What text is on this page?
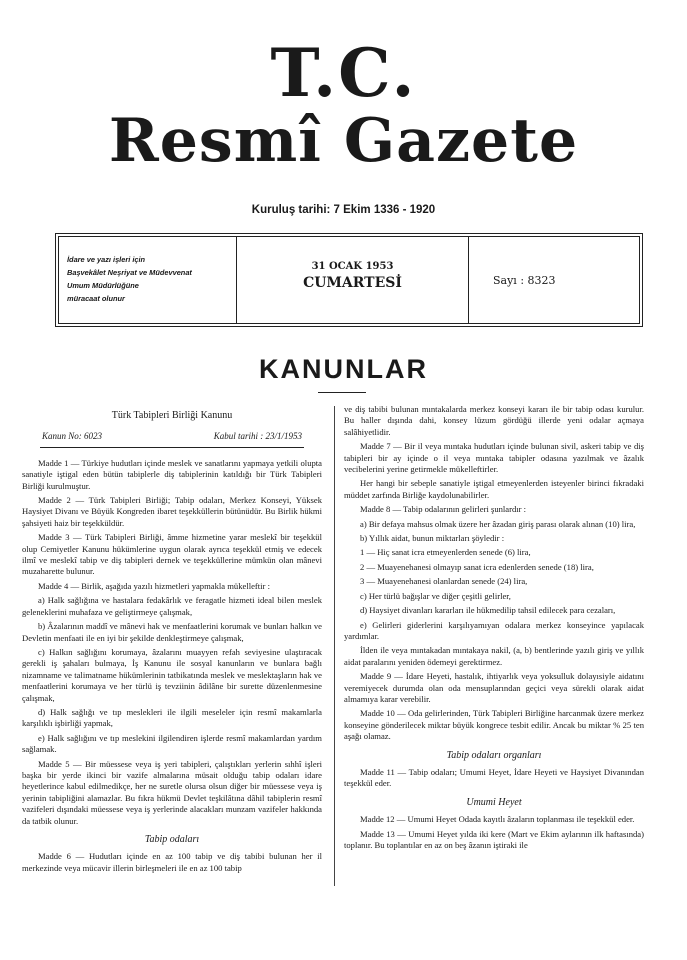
T.C.
Resmî Gazete
Kuruluş tarihi: 7 Ekim 1336 - 1920
İdare ve yazı işleri için
Başvekâlet Neşriyat ve Müdevvenat
Umum Müdürlüğüne
müracaat olunur
31 OCAK 1953
CUMARTESİ	Sayı : 8323
KANUNLAR

Türk Tabipleri Birliği Kanunu

Kanun No: 6023	Kabul tarihi : 23/1/1953

Madde 1 — Türkiye hudutları içinde meslek ve sanatlarını yapmaya yetkili olupta sanatiyle iştigal eden bütün tabiplerle diş tabiplerinin katıldığı bir Türk Tabipleri Birliği kurulmuştur.

Madde 2 — Türk Tabipleri Birliği; Tabip odaları, Merkez Konseyi, Yüksek Haysiyet Divanı ve Büyük Kongreden ibaret teşekküllerin bütünüdür. Bu Birlik hükmi şahsiyeti haiz bir teşekküldür.

Madde 3 — Türk Tabipleri Birliği, âmme hizmetine yarar meslekî bir teşekkül olup Cemiyetler Kanunu hükümlerine uygun olarak ayrıca teşekkül etmiş ve edecek ilmî ve meslekî tabip ve diş tabipleri dernek ve teşekküllerine mümkün olan mânevi muzaharette bulunur.

Madde 4 — Birlik, aşağıda yazılı hizmetleri yapmakla mükelleftir :

a) Halk sağlığına ve hastalara fedakârlık ve feragatle hizmeti ideal bilen meslek geleneklerini muhafaza ve geliştirmeye çalışmak,

b) Âzalarının maddî ve mânevi hak ve menfaatlerini korumak ve bunları halkın ve Devletin menfaati ile en iyi bir şekilde denkleştirmeye çalışmak,

c) Halkın sağlığını korumaya, âzalarını muayyen refah seviyesine ulaştıracak gerekli iş şahaları bulmaya, İş Kanunu ile sosyal kanunların ve bunlara bağlı nizamname ve talimatname hükümlerinin tatbikatında meslek ve meslektaşların hak ve menfaatlerini korumaya ve her türlü iş tevziinin âdilâne bir surette düzenlenmesine çalışmak,

d) Halk sağlığı ve tıp meslekleri ile ilgili meseleler için resmî makamlarla karşılıklı işbirliği yapmak,

e) Halk sağlığını ve tıp meslekini ilgilendiren işlerde resmî makamlardan yardım sağlamak.

Madde 5 — Bir müessese veya iş yeri tabipleri, çalıştıkları yerlerin sıhhî işleri başka bir yerde ikinci bir vazife almalarına müsait olduğu tabip odaları idare heyetlerince kabul edilmedikçe, her ne suretle olursa olsun diğer bir müessese veya iş yerinin tabipliğini alamazlar. Bu fıkra hükmü Devlet teşkilâtına dâhil tabiplerin resmî vazifeleri dışındaki müessese veya iş yerlerinde alacakları munzam vazifeler hakkında da tatbik olunur.

Tabip odaları

Madde 6 — Hudutları içinde en az 100 tabip ve diş tabibi bulunan her il merkezinde veya mücavir illerin birleşmeleri ile en az 100 tabip

ve diş tabibi bulunan mıntakalarda merkez konseyi kararı ile bir tabip odası kurulur. Bu haller dışında dahi, konsey lüzum gördüğü illerde yeni odalar açmaya salâhiyetlidir.

Madde 7 — Bir il veya mıntaka hudutları içinde bulunan sivil, askeri tabip ve diş tabipleri bir ay içinde o il veya mıntaka tabipler odasına yazılmak ve âzalık vecibelerini yerine getirmekle mükelleftirler.

Her hangi bir sebeple sanatiyle iştigal etmeyenlerden isteyenler birinci fıkradaki müddet zarfında Birliğe kaydolunabilirler.

Madde 8 — Tabip odalarının gelirleri şunlardır :

a) Bir defaya mahsus olmak üzere her âzadan giriş parası olarak alınan (10) lira,

b) Yıllık aidat, bunun miktarları şöyledir :

1 — Hiç sanat icra etmeyenlerden senede (6) lira,

2 — Muayenehanesi olmayıp sanat icra edenlerden senede (18) lira,

3 — Muayenehanesi olanlardan senede (24) lira,

c) Her türlü bağışlar ve diğer çeşitli gelirler,

d) Haysiyet divanları kararları ile hükmedilip tahsil edilecek para cezaları,

e) Gelirleri giderlerini karşılıyamıyan odalara merkez konseyince yapılacak yardımlar.

İlden ile veya mıntakadan mıntakaya nakil, (a, b) bentlerinde yazılı giriş ve yıllık aidat paralarını yeniden ödemeyi gerektirmez.

Madde 9 — İdare Heyeti, hastalık, ihtiyarlık veya yoksulluk dolayısiyle aidatını veremiyecek durumda olan oda mensuplarından geçici veya sürekli olarak aidat almamıya karar verebilir.

Madde 10 — Oda gelirlerinden, Türk Tabipleri Birliğine harcanmak üzere merkez konseyine gönderilecek miktar büyük kongrece tesbit edilir. Ancak bu miktar % 25 ten aşağı olamaz.

Tabip odaları organları

Madde 11 — Tabip odaları; Umumi Heyet, İdare Heyeti ve Haysiyet Divanından teşekkül eder.

Umumi Heyet

Madde 12 — Umumi Heyet Odada kayıtlı âzaların toplanması ile teşekkül eder.

Madde 13 — Umumi Heyet yılda iki kere (Mart ve Ekim aylarının ilk haftasında) toplanır. Bu toplantılar en az on beş âzanın iştiraki ile
